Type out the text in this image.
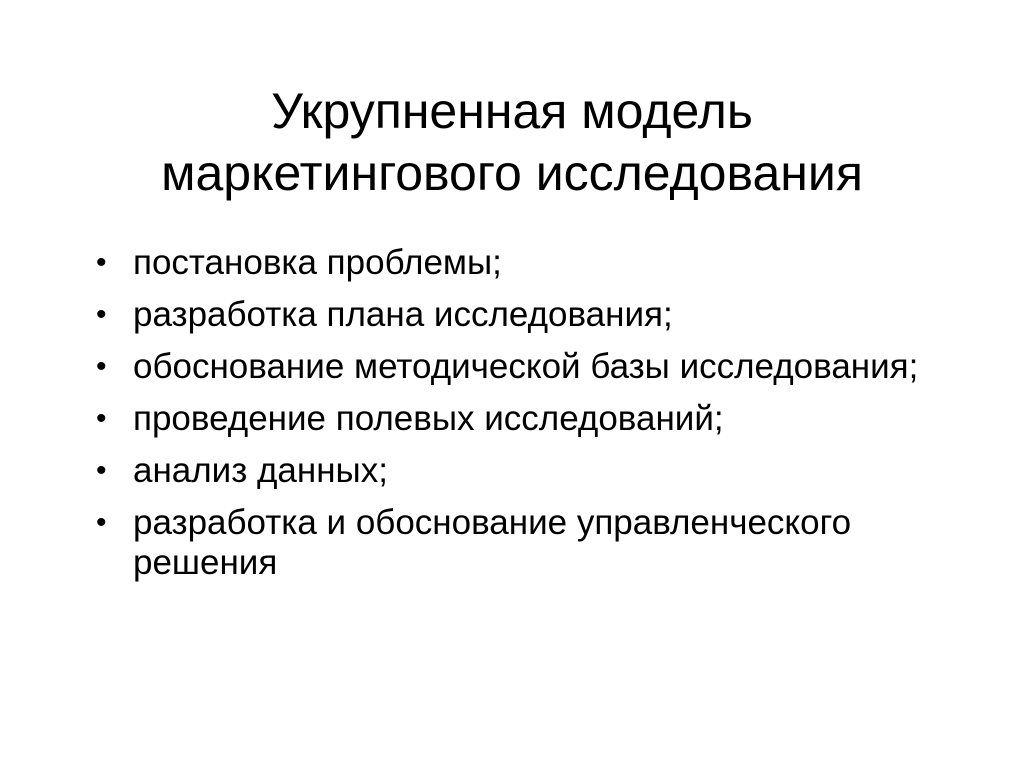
Укрупненная модель
маркетингового исследования
• постановка проблемы;
• разработка плана исследования;
• обоснование методической базы исследования;
• проведение полевых исследований;
• анализ данных;
• разработка и обоснование управленческого решения
